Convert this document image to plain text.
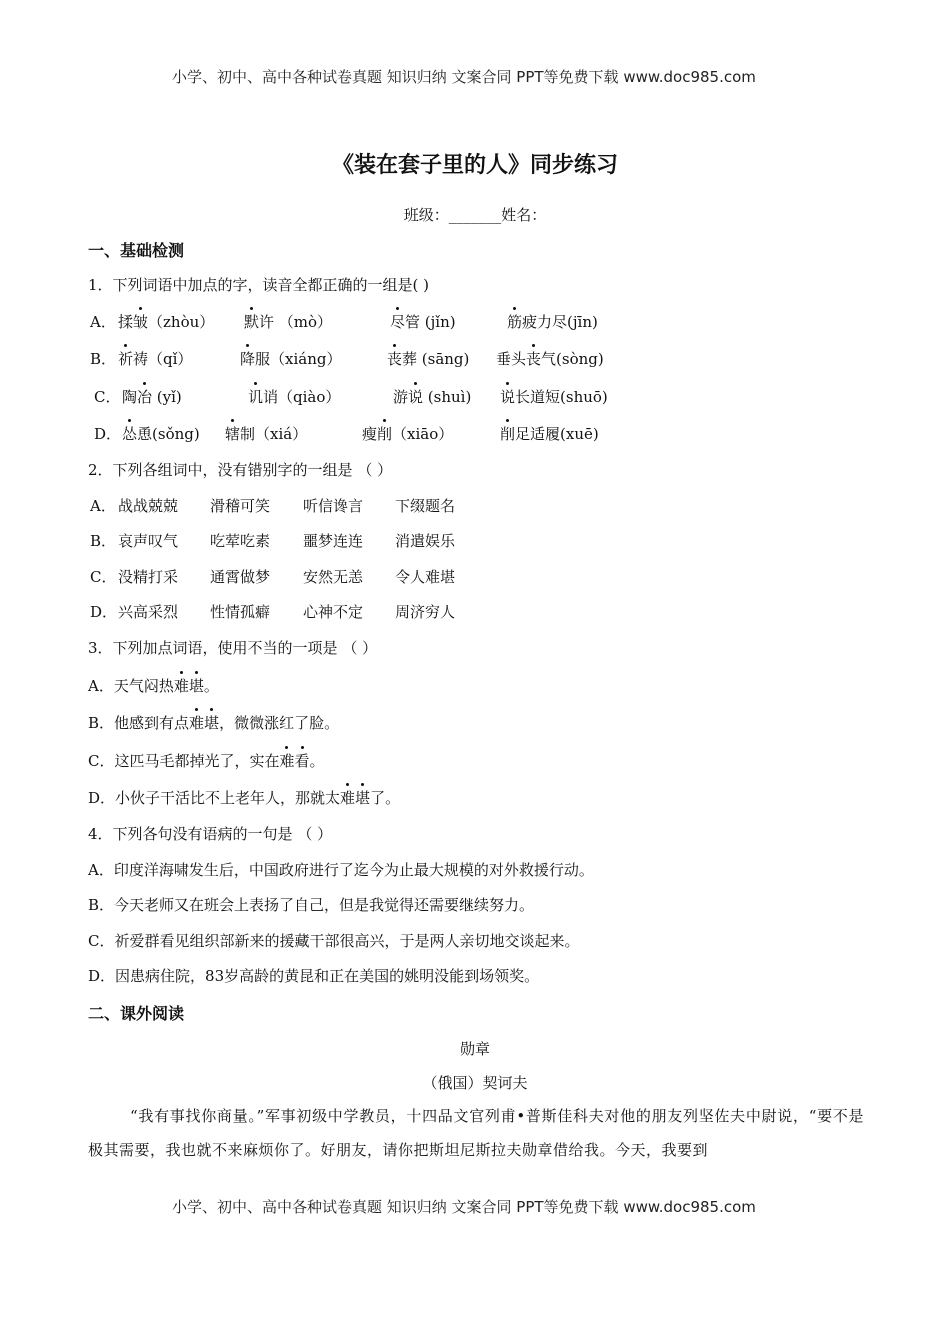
小学、初中、高中各种试卷真题 知识归纳 文案合同 PPT等免费下载 www.doc985.com
《装在套子里的人》同步练习
班级：_______姓名：
一、基础检测
1．下列词语中加点的字，读音全都正确的一组是( )
A． 揉皱（zhòu） 默许 （mò）	尽管 (jǐn)	筋疲力尽(jīn)
B． 祈祷（qǐ）	降服（xiáng）	丧葬 (sāng) 垂头丧气(sòng)
C． 陶冶 (yǐ)	讥诮（qiào）	游说 (shuì) 说长道短(shuō)
D． 怂恿(sǒng) 辖制（xiá）	瘦削（xiāo）	削足适履(xuē)
2．下列各组词中，没有错别字的一组是 （ ）
A． 战战兢兢 滑稽可笑 听信谗言 下缀题名
B． 哀声叹气 吃荤吃素 噩梦连连 消遣娱乐
C． 没精打采 通霄做梦 安然无恙 令人难堪
D． 兴高采烈 性情孤癖 心神不定 周济穷人
3．下列加点词语，使用不当的一项是 （ ）
A．天气闷热难堪。
B．他感到有点难堪，微微涨红了脸。
C．这匹马毛都掉光了，实在难看。
D．小伙子干活比不上老年人，那就太难堪了。
4．下列各句没有语病的一句是 （ ）
A．印度洋海啸发生后，中国政府进行了迄今为止最大规模的对外救援行动。
B．今天老师又在班会上表扬了自己，但是我觉得还需要继续努力。
C．祈爱群看见组织部新来的援藏干部很高兴，于是两人亲切地交谈起来。
D．因患病住院，83岁高龄的黄昆和正在美国的姚明没能到场领奖。
二、课外阅读
勋章
（俄国）契诃夫
“我有事找你商量。”军事初级中学教员，十四品文官列甫•普斯佳科夫对他的朋友列坚佐夫中尉说，“要不是极其需要，我也就不来麻烦你了。好朋友，请你把斯坦尼斯拉夫勋章借给我。今天，我要到
小学、初中、高中各种试卷真题 知识归纳 文案合同 PPT等免费下载 www.doc985.com
